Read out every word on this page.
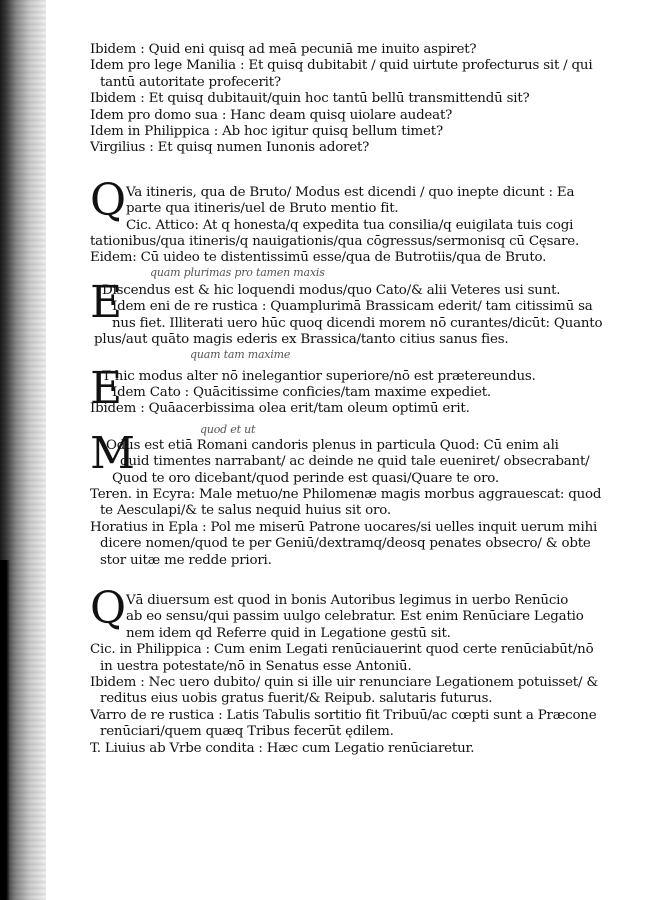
Ibidem : Quid eni quisq ad meā pecuniā me inuito aspiret?
Idem pro lege Manilia : Et quisq dubitabit / quid uirtute profecturus sit / qui
tantū autoritate profecerit?
Ibidem : Et quisq dubitauit/quin hoc tantū bellū transmittendū sit?
Idem pro domo sua : Hanc deam quisq uiolare audeat?
Idem in Philippica : Ab hoc igitur quisq bellum timet?
Virgilius : Et quisq numen Iunonis adoret?
Q Va itineris, qua de Bruto/ Modus est dicendi / quo inepte dicunt : Ea
parte qua itineris/uel de Bruto mentio fit.
Cic. Attico: At q honesta/q expedita tua consilia/q euigilata tuis cogi
tationibus/qua itineris/q nauigationis/qua cōgressus/sermonisq cū Cęsare.
Eidem: Cū uideo te distentissimū esse/qua de Butrotiis/qua de Bruto.
quam plurimas pro tamen maxis
E
Discendus est & hic loquendi modus/quo Cato/& alii Veteres usi sunt.
Idem eni de re rustica : Quamplurimā Brassicam ederit/ tam citissimū sa
nus fiet. Illiterati uero hūc quoq dicendi morem nō curantes/dicūt: Quanto
plus/aut quāto magis ederis ex Brassica/tanto citius sanus fies.
quam tam maxime
E
T hic modus alter nō inelegantior superiore/nō est prætereundus.
Idem Cato : Quācitissime conficies/tam maxime expediet.
Ibidem : Quāacerbissima olea erit/tam oleum optimū erit.
quod et ut
M
Odus est etiā Romani candoris plenus in particula Quod: Cū enim ali
quid timentes narrabant/ ac deinde ne quid tale eueniret/ obsecrabant/
Quod te oro dicebant/quod perinde est quasi/Quare te oro.
Teren. in Ecyra: Male metuo/ne Philomenæ magis morbus aggrauescat: quod
te Aesculapi/& te salus nequid huius sit oro.
Horatius in Epla : Pol me miserū Patrone uocares/si uelles inquit uerum mihi
dicere nomen/quod te per Geniū/dextramq/deosq penates obsecro/ & obte
stor uitæ me redde priori.
Q Vā diuersum est quod in bonis Autoribus legimus in uerbo Renūcio
ab eo sensu/qui passim uulgo celebratur. Est enim Renūciare Legatio
nem idem qd Referre quid in Legatione gestū sit.
Cic. in Philippica : Cum enim Legati renūciauerint quod certe renūciabūt/nō
in uestra potestate/nō in Senatus esse Antoniū.
Ibidem : Nec uero dubito/ quin si ille uir renunciare Legationem potuisset/ &
reditus eius uobis gratus fuerit/& Reipub. salutaris futurus.
Varro de re rustica : Latis Tabulis sortitio fit Tribuū/ac cœpti sunt a Præcone
renūciari/quem quæq Tribus fecerūt ędilem.
T. Liuius ab Vrbe condita : Hæc cum Legatio renūciaretur.
